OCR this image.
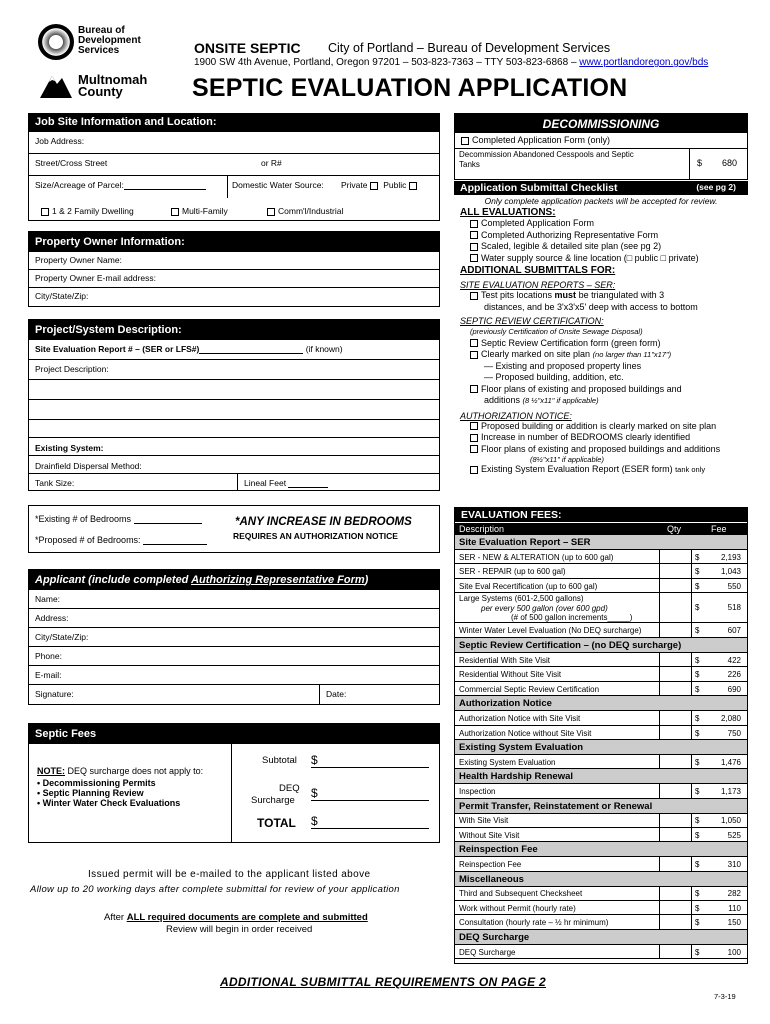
Bureau of Development Services
Multnomah County
ONSITE SEPTIC City of Portland – Bureau of Development Services
1900 SW 4th Avenue, Portland, Oregon 97201 – 503-823-7363 – TTY 503-823-6868 – www.portlandoregon.gov/bds
SEPTIC EVALUATION APPLICATION
Job Site Information and Location:
Job Address:
Street/Cross Street	or R#
Size/Acreage of Parcel:	Domestic Water Source: Private Public
1 & 2 Family Dwelling	Multi-Family	Comm'l/Industrial
Property Owner Information:
Property Owner Name:
Property Owner E-mail address:
City/State/Zip:
Project/System Description:
Site Evaluation Report # – (SER or LFS#)	(if known)
Project Description:
Existing System:
Drainfield Dispersal Method:
Tank Size:	Lineal Feet
*Existing # of Bedrooms
*Proposed # of Bedrooms:
*ANY INCREASE IN BEDROOMS
REQUIRES AN AUTHORIZATION NOTICE
Applicant (include completed Authorizing Representative Form)
Name:
Address:
City/State/Zip:
Phone:
E-mail:
Signature:	Date:
Septic Fees
NOTE: DEQ surcharge does not apply to:
• Decommissioning Permits
• Septic Planning Review
• Winter Water Check Evaluations
Subtotal $
DEQ
Surcharge
$
TOTAL $
Issued permit will be e-mailed to the applicant listed above
Allow up to 20 working days after complete submittal for review of your application
After ALL required documents are complete and submitted
Review will begin in order received
ADDITIONAL SUBMITTAL REQUIREMENTS ON PAGE 2
7-3-19
DECOMMISSIONING
Completed Application Form (only)
Decommission Abandoned Cesspools and Septic Tanks	$ 680
Application Submittal Checklist	(see pg 2)
Only complete application packets will be accepted for review.
ALL EVALUATIONS:
Completed Application Form
Completed Authorizing Representative Form
Scaled, legible & detailed site plan (see pg 2)
Water supply source & line location (□ public □ private)
ADDITIONAL SUBMITTALS FOR:
SITE EVALUATION REPORTS – SER:
Test pits locations must be triangulated with 3
distances, and be 3'x3'x5' deep with access to bottom
SEPTIC REVIEW CERTIFICATION:
(previously Certification of Onsite Sewage Disposal)
Septic Review Certification form (green form)
Clearly marked on site plan (no larger than 11"x17")
— Existing and proposed property lines
— Proposed building, addition, etc.
Floor plans of existing and proposed buildings and
additions (8 ½"x11" if applicable)
AUTHORIZATION NOTICE:
Proposed building or addition is clearly marked on site plan
Increase in number of BEDROOMS clearly identified
Floor plans of existing and proposed buildings and additions
(8½"x11" if applicable)
Existing System Evaluation Report (ESER form) tank only
EVALUATION FEES:
Description	Qty	Fee
Site Evaluation Report – SER
SER - NEW & ALTERATION (up to 600 gal)	$	2,193
SER - REPAIR (up to 600 gal)	$	1,043
Site Eval Recertification (up to 600 gal)	$	550
Large Systems (601-2,500 gallons)
per every 500 gallon (over 600 gpd)
(# of 500 gallon increments_____)
$	518
Winter Water Level Evaluation (No DEQ surcharge)	$	607
Septic Review Certification – (no DEQ surcharge)
Residential With Site Visit	$	422
Residential Without Site Visit	$	226
Commercial Septic Review Certification	$	690
Authorization Notice
Authorization Notice with Site Visit	$	2,080
Authorization Notice without Site Visit	$	750
Existing System Evaluation
Existing System Evaluation	$	1,476
Health Hardship Renewal
Inspection	$	1,173
Permit Transfer, Reinstatement or Renewal
With Site Visit	$	1,050
Without Site Visit	$	525
Reinspection Fee
Reinspection Fee	$	310
Miscellaneous
Third and Subsequent Checksheet	$	282
Work without Permit (hourly rate)	$	110
Consultation (hourly rate – ½ hr minimum)	$	150
DEQ Surcharge
DEQ Surcharge	$	100
